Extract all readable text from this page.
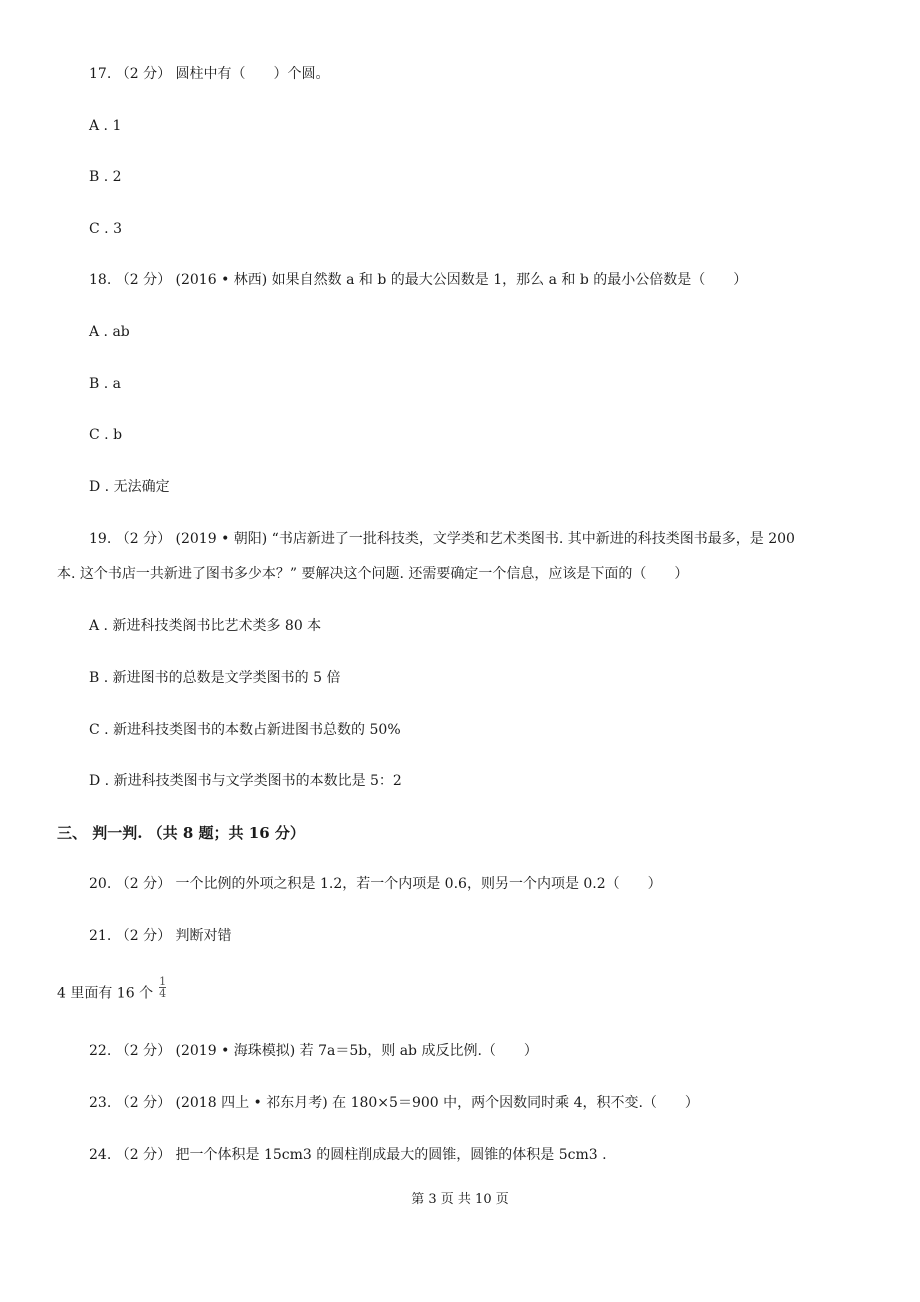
17. （2 分） 圆柱中有（　　）个圆。
A . 1
B . 2
C . 3
18. （2 分） (2016 • 林西) 如果自然数 a 和 b 的最大公因数是 1，那么 a 和 b 的最小公倍数是（　　）
A . ab
B . a
C . b
D . 无法确定
19. （2 分） (2019 • 朝阳) “书店新进了一批科技类，文学类和艺术类图书. 其中新进的科技类图书最多，是 200
本. 这个书店一共新进了图书多少本？” 要解决这个问题. 还需要确定一个信息，应该是下面的（　　）
A . 新进科技类阁书比艺术类多 80 本
B . 新进图书的总数是文学类图书的 5 倍
C . 新进科技类图书的本数占新进图书总数的 50%
D . 新进科技类图书与文学类图书的本数比是 5：2
三、 判一判. （共 8 题；共 16 分）
20. （2 分） 一个比例的外项之积是 1.2，若一个内项是 0.6，则另一个内项是 0.2（　　）
21. （2 分） 判断对错
4 里面有 16 个 $\frac{1}{4}$
22. （2 分） (2019 • 海珠模拟) 若 7a＝5b，则 ab 成反比例.（　　）
23. （2 分） (2018 四上 • 祁东月考) 在 180×5＝900 中，两个因数同时乘 4，积不变.（　　）
24. （2 分） 把一个体积是 15cm3 的圆柱削成最大的圆锥，圆锥的体积是 5cm3 .
第 3 页 共 10 页
